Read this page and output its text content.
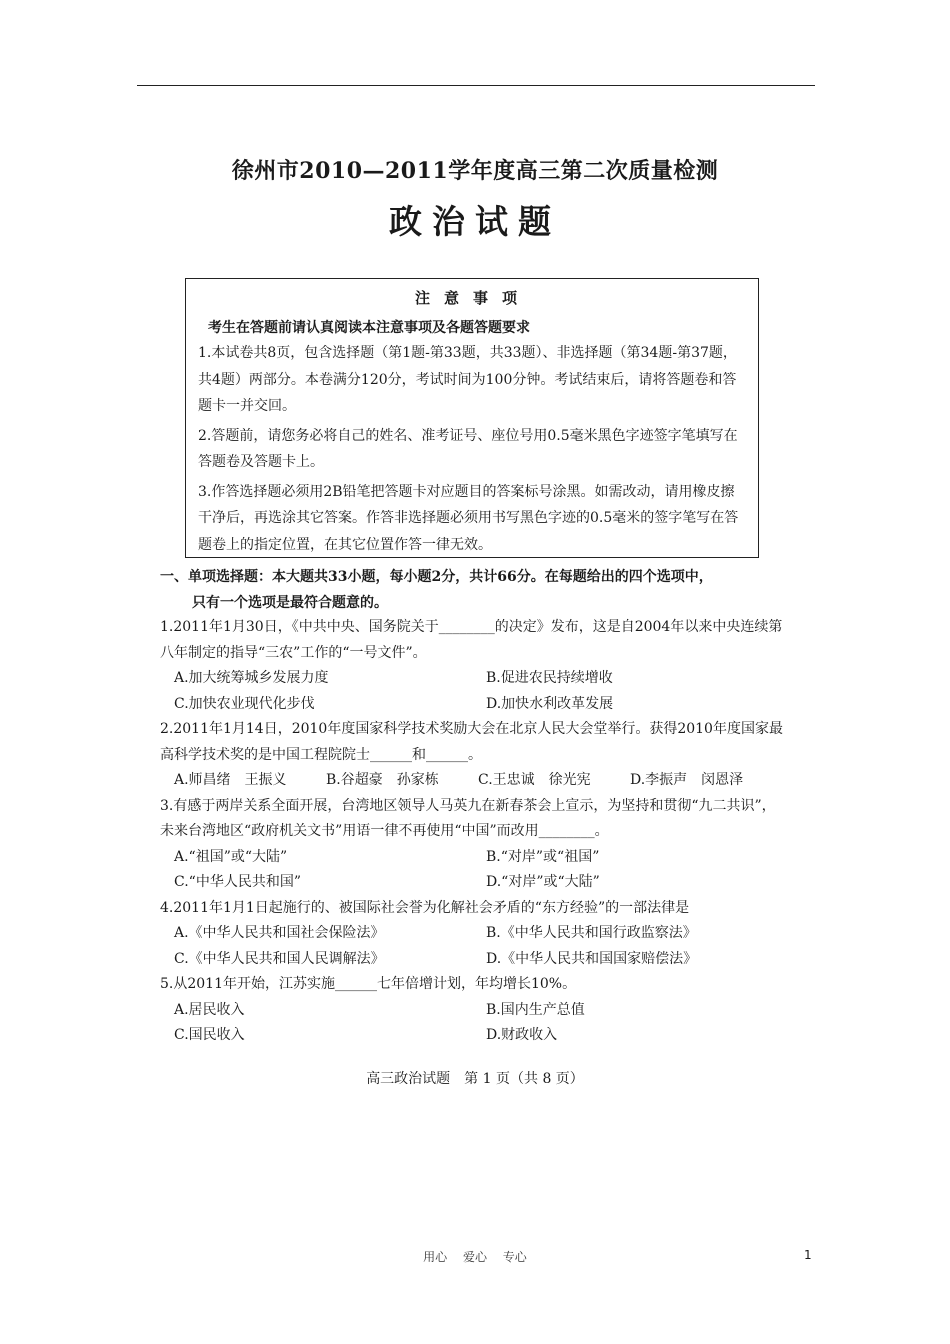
徐州市2010—2011学年度高三第二次质量检测
政治试题
注意事项
考生在答题前请认真阅读本注意事项及各题答题要求
1.本试卷共8页，包含选择题（第1题-第33题，共33题）、非选择题（第34题-第37题，共4题）两部分。本卷满分120分，考试时间为100分钟。考试结束后，请将答题卷和答题卡一并交回。
2.答题前，请您务必将自己的姓名、准考证号、座位号用0.5毫米黑色字迹签字笔填写在答题卷及答题卡上。
3.作答选择题必须用2B铅笔把答题卡对应题目的答案标号涂黑。如需改动，请用橡皮擦干净后，再选涂其它答案。作答非选择题必须用书写黑色字迹的0.5毫米的签字笔写在答题卷上的指定位置，在其它位置作答一律无效。
一、单项选择题：本大题共33小题，每小题2分，共计66分。在每题给出的四个选项中，
只有一个选项是最符合题意的。
1.2011年1月30日，《中共中央、国务院关于________的决定》发布，这是自2004年以来中央连续第八年制定的指导“三农”工作的“一号文件”。
A.加大统筹城乡发展力度	B.促进农民持续增收
C.加快农业现代化步伐	D.加快水利改革发展
2.2011年1月14日，2010年度国家科学技术奖励大会在北京人民大会堂举行。获得2010年度国家最高科学技术奖的是中国工程院院士______和______。
A.师昌绪　王振义	B.谷超豪　孙家栋	C.王忠诚　徐光宪	D.李振声　闵恩泽
3.有感于两岸关系全面开展，台湾地区领导人马英九在新春茶会上宣示，为坚持和贯彻“九二共识”，未来台湾地区“政府机关文书”用语一律不再使用“中国”而改用________。
A.“祖国”或“大陆”	B.“对岸”或“祖国”
C.“中华人民共和国”	D.“对岸”或“大陆”
4.2011年1月1日起施行的、被国际社会誉为化解社会矛盾的“东方经验”的一部法律是
A.《中华人民共和国社会保险法》	B.《中华人民共和国行政监察法》
C.《中华人民共和国人民调解法》	D.《中华人民共和国国家赔偿法》
5.从2011年开始，江苏实施______七年倍增计划，年均增长10%。
A.居民收入	B.国内生产总值
C.国民收入	D.财政收入
高三政治试题　第 1 页（共 8 页）
用心 爱心 专心	1
